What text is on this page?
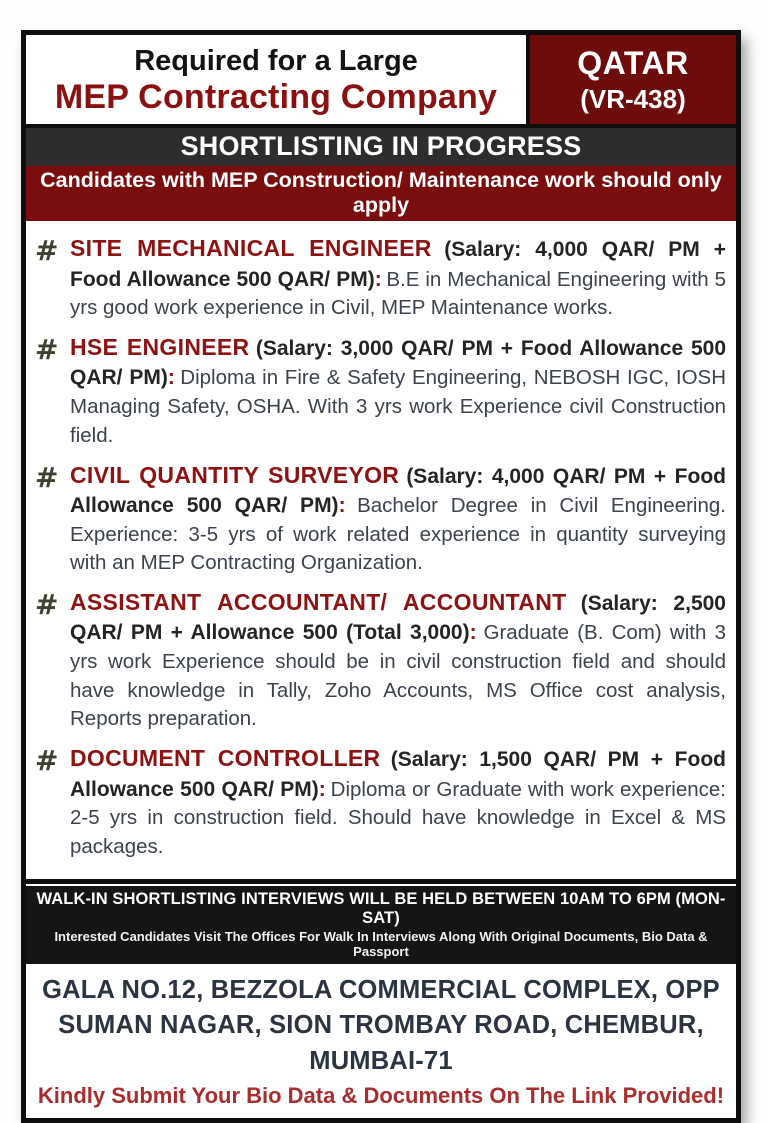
Required for a Large
MEP Contracting Company
QATAR
(VR-438)
SHORTLISTING IN PROGRESS
Candidates with MEP Construction/ Maintenance work should only apply
# SITE MECHANICAL ENGINEER (Salary: 4,000 QAR/ PM + Food Allowance 500 QAR/ PM): B.E in Mechanical Engineering with 5 yrs good work experience in Civil, MEP Maintenance works.
# HSE ENGINEER (Salary: 3,000 QAR/ PM + Food Allowance 500 QAR/ PM): Diploma in Fire & Safety Engineering, NEBOSH IGC, IOSH Managing Safety, OSHA. With 3 yrs work Experience civil Construction field.
# CIVIL QUANTITY SURVEYOR (Salary: 4,000 QAR/ PM + Food Allowance 500 QAR/ PM): Bachelor Degree in Civil Engineering. Experience: 3-5 yrs of work related experience in quantity surveying with an MEP Contracting Organization.
# ASSISTANT ACCOUNTANT/ ACCOUNTANT (Salary: 2,500 QAR/ PM + Allowance 500 (Total 3,000): Graduate (B. Com) with 3 yrs work Experience should be in civil construction field and should have knowledge in Tally, Zoho Accounts, MS Office cost analysis, Reports preparation.
# DOCUMENT CONTROLLER (Salary: 1,500 QAR/ PM + Food Allowance 500 QAR/ PM): Diploma or Graduate with work experience: 2-5 yrs in construction field. Should have knowledge in Excel & MS packages.
WALK-IN SHORTLISTING INTERVIEWS WILL BE HELD BETWEEN 10AM TO 6PM (MON-SAT)
Interested Candidates Visit The Offices For Walk In Interviews Along With Original Documents, Bio Data & Passport
GALA NO.12, BEZZOLA COMMERCIAL COMPLEX, OPP SUMAN NAGAR, SION TROMBAY ROAD, CHEMBUR, MUMBAI-71
Kindly Submit Your Bio Data & Documents On The Link Provided!
